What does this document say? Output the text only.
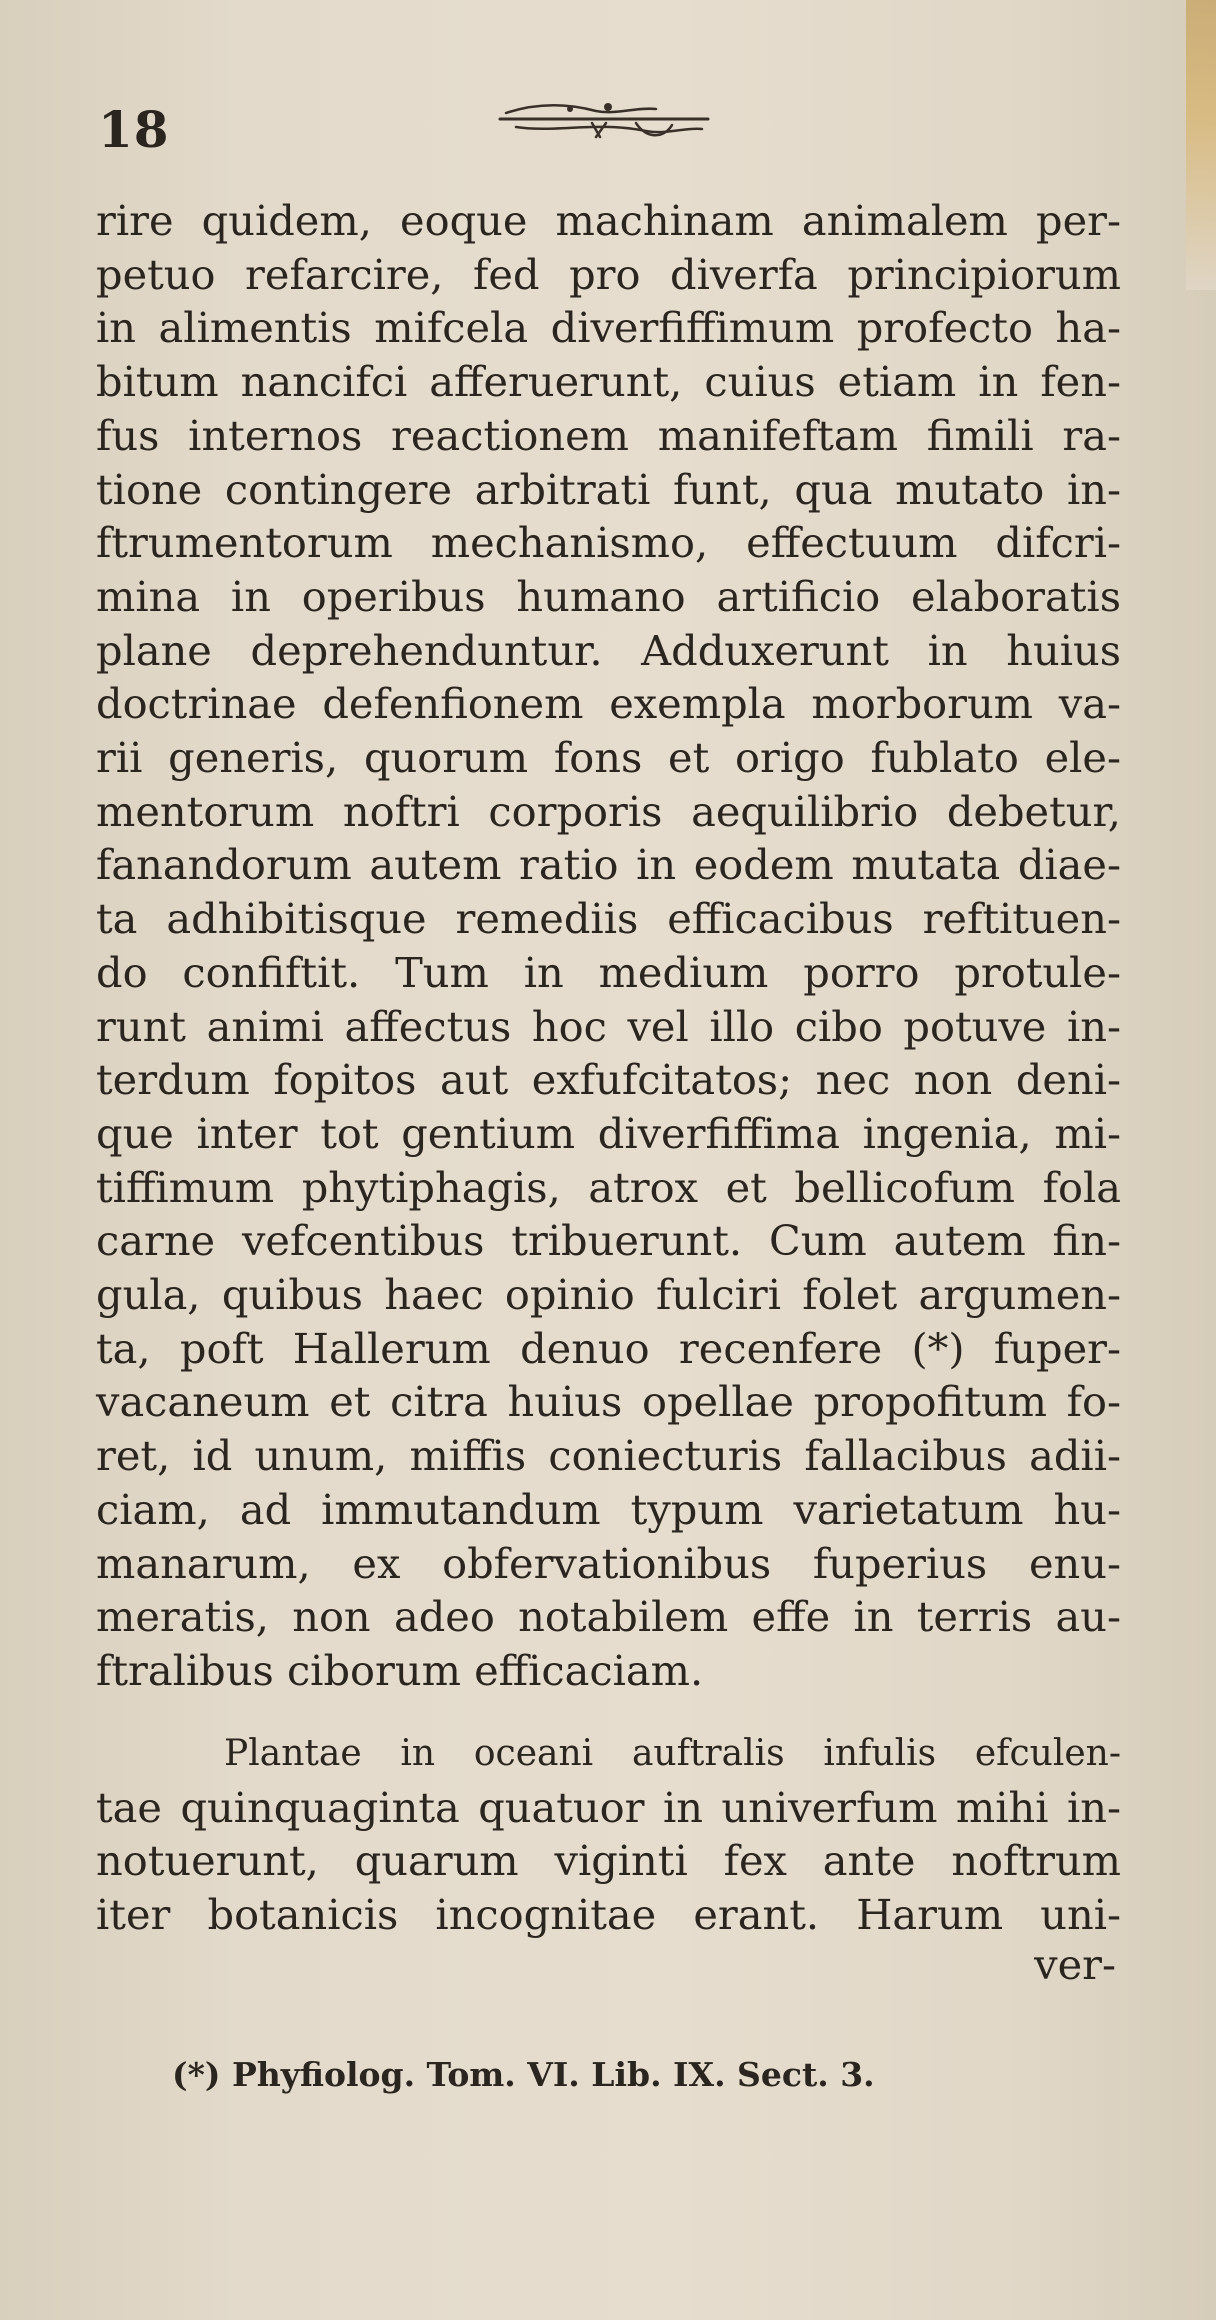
18
rire quidem, eoque machinam animalem per-
petuo refarcire, fed pro diverfa principiorum
in alimentis mifcela diverfiffimum profecto ha-
bitum nancifci afferuerunt, cuius etiam in fen-
fus internos reactionem manifeftam fimili ra-
tione contingere arbitrati funt, qua mutato in-
ftrumentorum mechanismo, effectuum difcri-
mina in operibus humano artificio elaboratis
plane deprehenduntur. Adduxerunt in huius
doctrinae defenfionem exempla morborum va-
rii generis, quorum fons et origo fublato ele-
mentorum noftri corporis aequilibrio debetur,
fanandorum autem ratio in eodem mutata diae-
ta adhibitisque remediis efficacibus reftituen-
do confiftit. Tum in medium porro protule-
runt animi affectus hoc vel illo cibo potuve in-
terdum fopitos aut exfufcitatos; nec non deni-
que inter tot gentium diverfiffima ingenia, mi-
tiffimum phytiphagis, atrox et bellicofum fola
carne vefcentibus tribuerunt. Cum autem fin-
gula, quibus haec opinio fulciri folet argumen-
ta, poft Hallerum denuo recenfere (*) fuper-
vacaneum et citra huius opellae propofitum fo-
ret, id unum, miffis coniecturis fallacibus adii-
ciam, ad immutandum typum varietatum hu-
manarum, ex obfervationibus fuperius enu-
meratis, non adeo notabilem effe in terris au-
ftralibus ciborum efficaciam.
Plantae in oceani auftralis infulis efculen-
tae quinquaginta quatuor in univerfum mihi in-
notuerunt, quarum viginti fex ante noftrum
iter botanicis incognitae erant. Harum uni-
ver-
(*) Phyfiolog. Tom. VI. Lib. IX. Sect. 3.
